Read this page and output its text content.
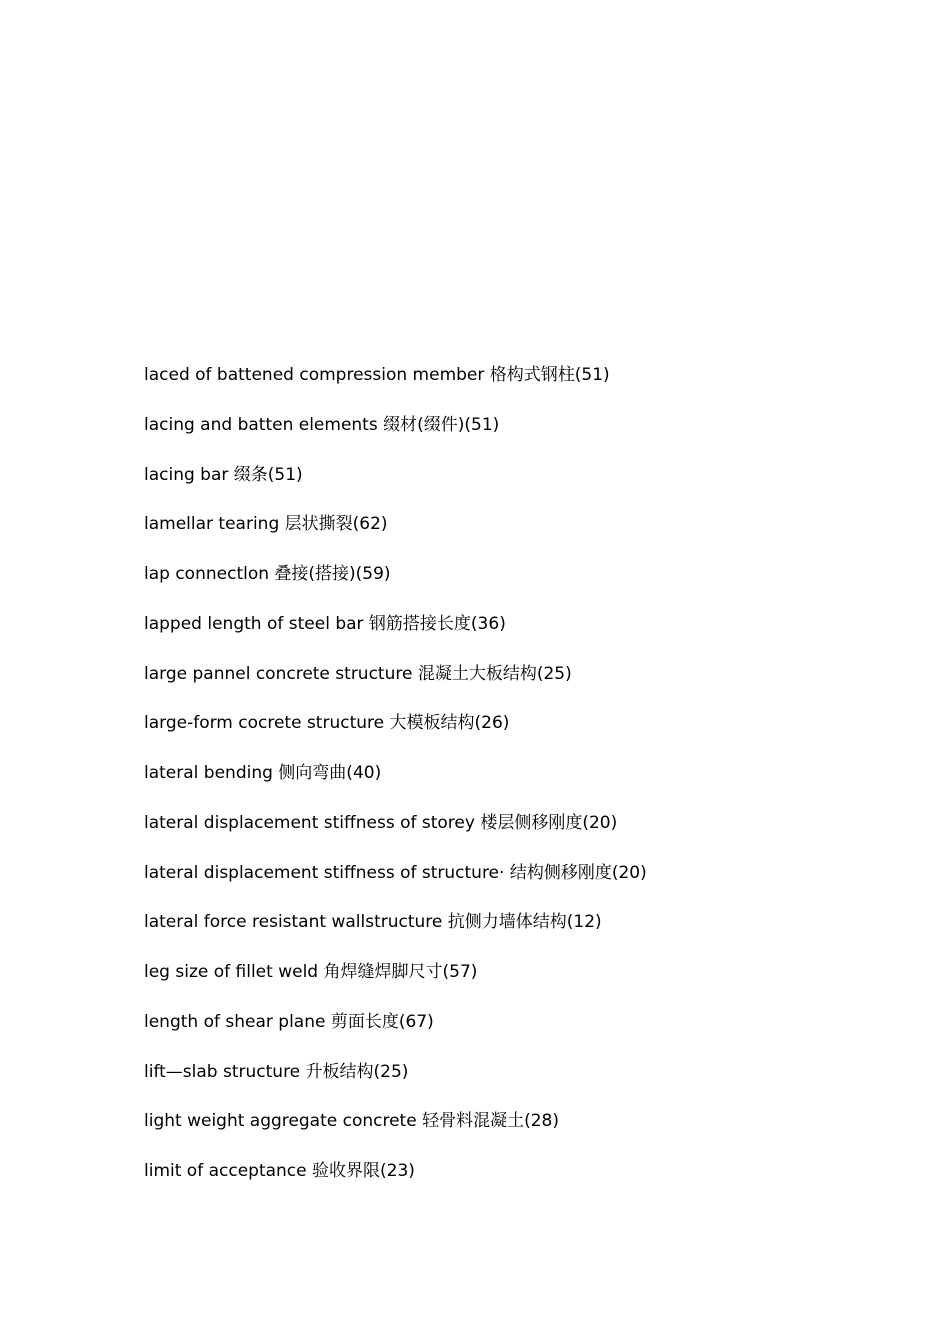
laced of battened compression member 格构式钢柱(51)
lacing and batten elements 缀材(缀件)(51)
lacing bar 缀条(51)
lamellar tearing 层状撕裂(62)
lap connectlon 叠接(搭接)(59)
lapped length of steel bar 钢筋搭接长度(36)
large pannel concrete structure 混凝土大板结构(25)
large-form cocrete structure 大模板结构(26)
lateral bending 侧向弯曲(40)
lateral displacement stiffness of storey 楼层侧移刚度(20)
lateral displacement stiffness of structure· 结构侧移刚度(20)
lateral force resistant wallstructure 抗侧力墙体结构(12)
leg size of fillet weld 角焊缝焊脚尺寸(57)
length of shear plane 剪面长度(67)
lift—slab structure 升板结构(25)
light weight aggregate concrete 轻骨料混凝土(28)
limit of acceptance 验收界限(23)
